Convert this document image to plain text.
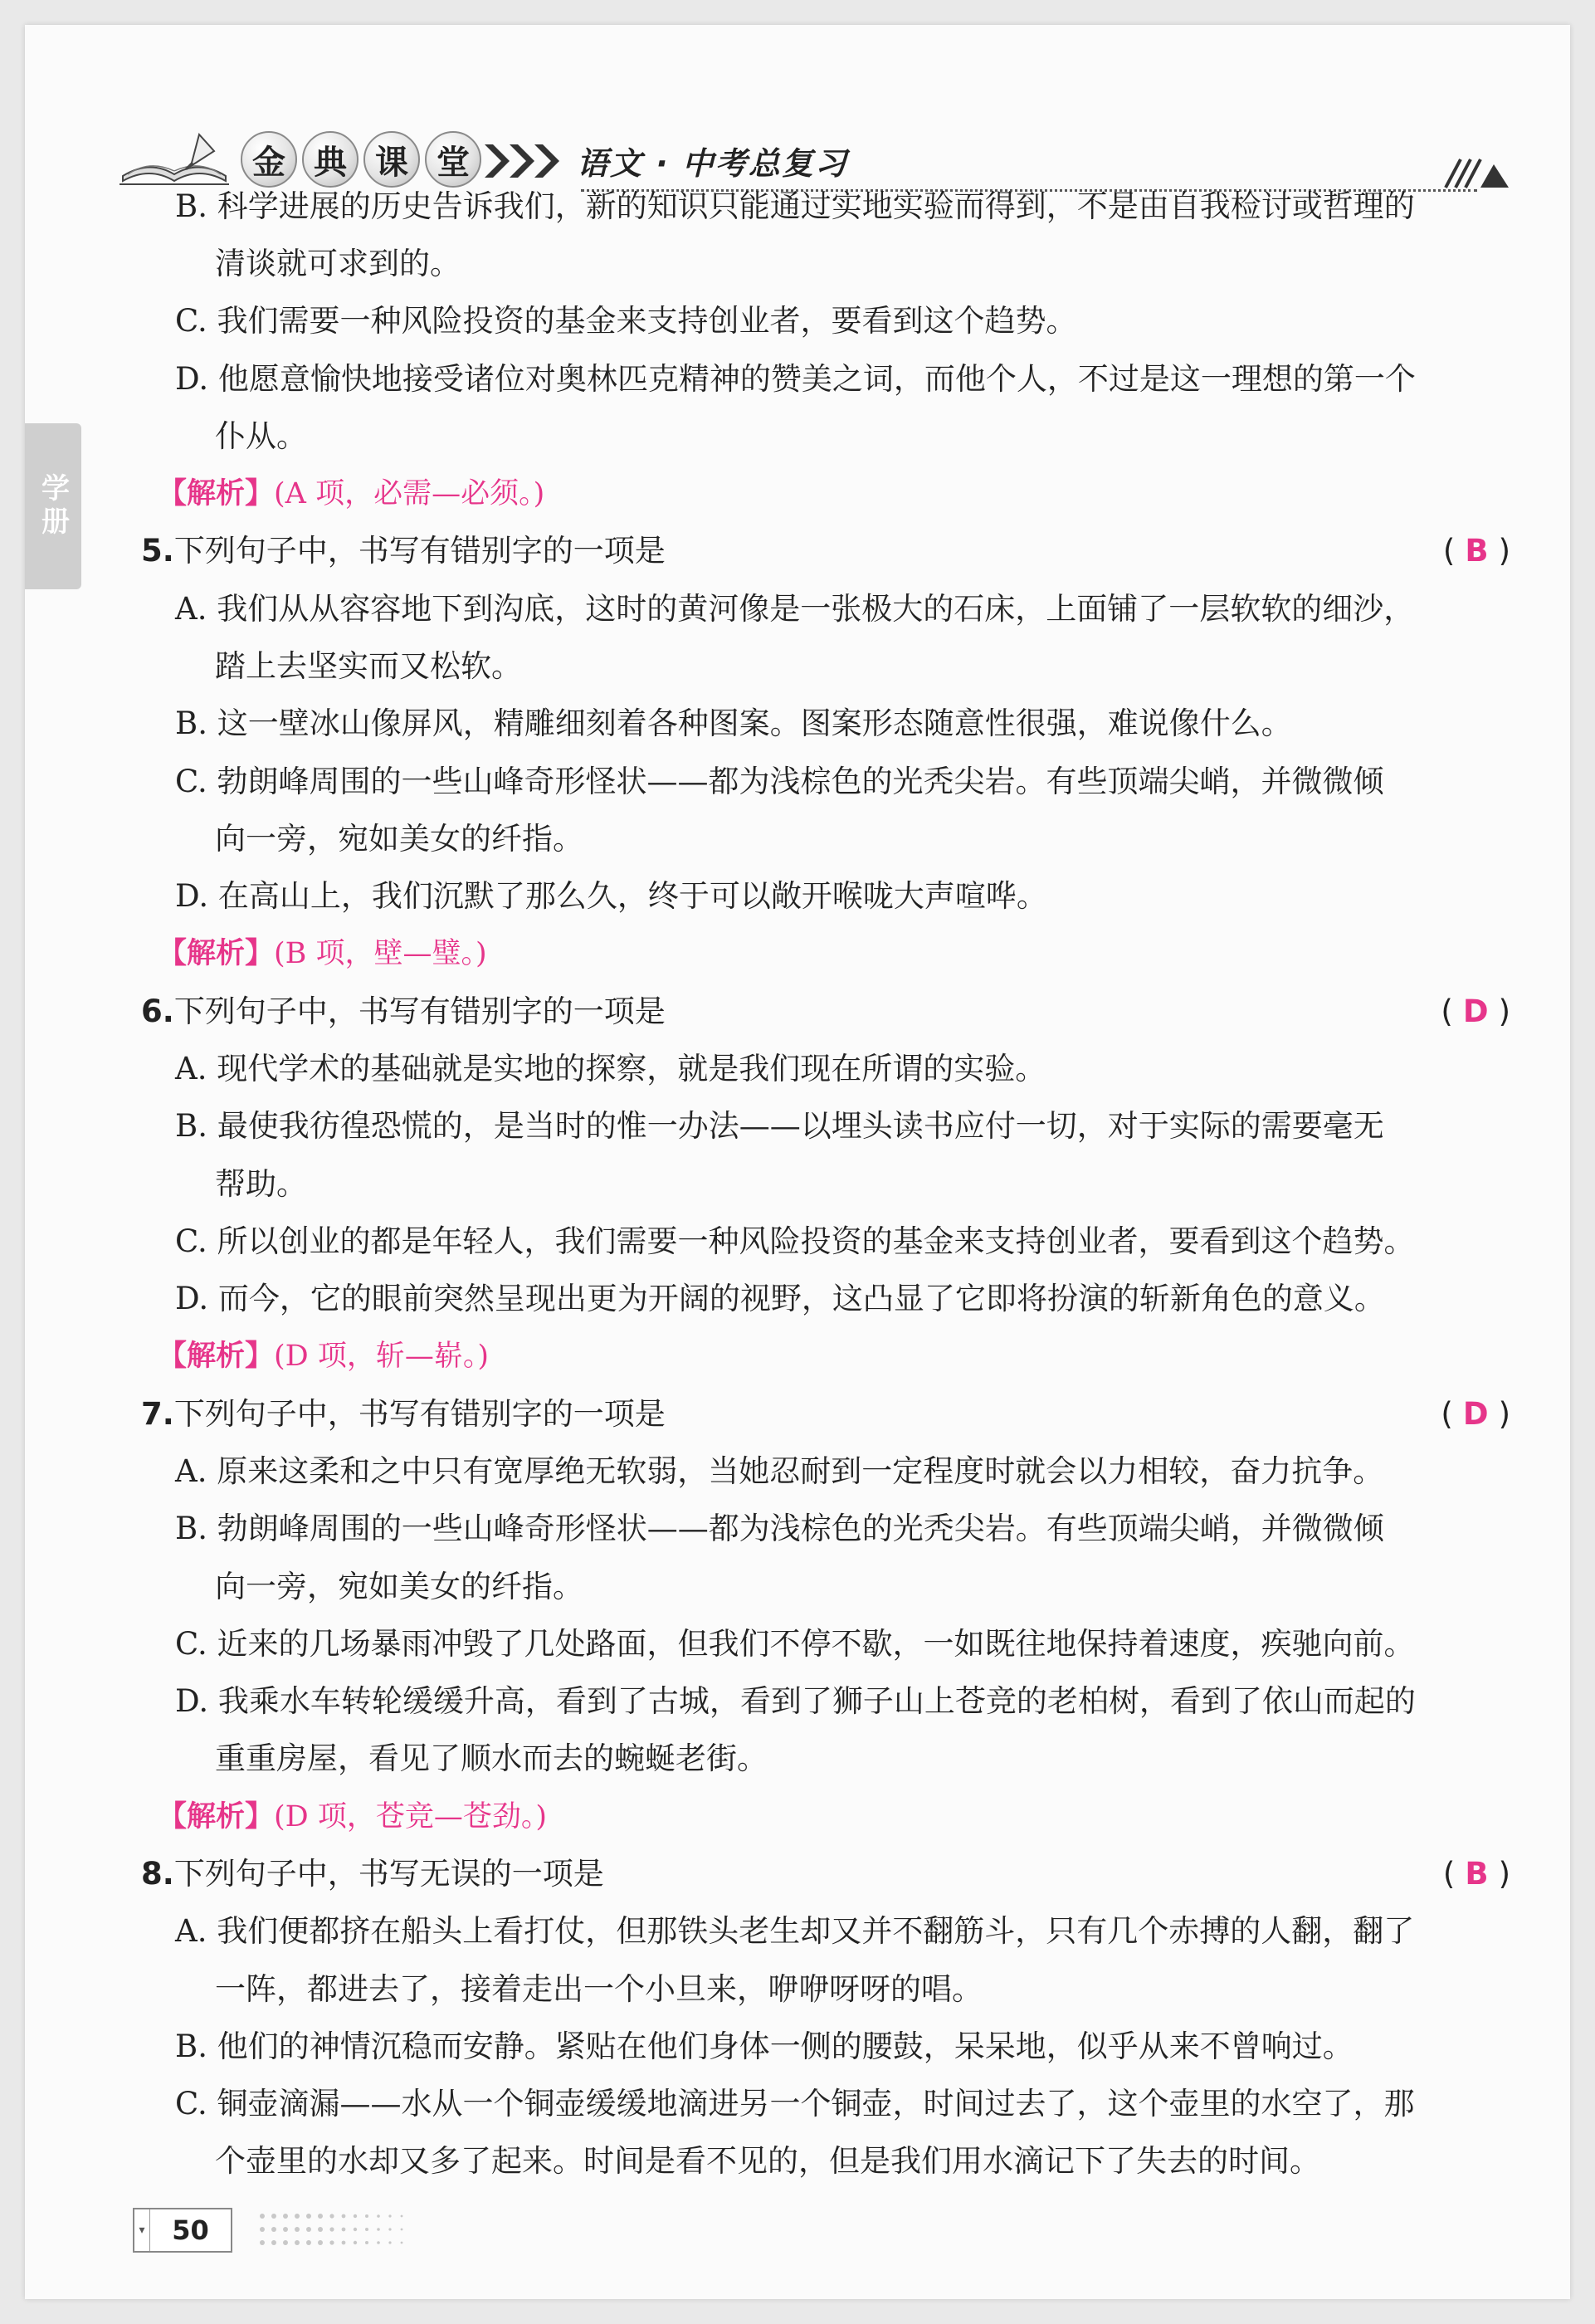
金 典 课 堂	语文 · 中考总复习
学册
B. 科学进展的历史告诉我们，新的知识只能通过实地实验而得到，不是由自我检讨或哲理的
清谈就可求到的。
C. 我们需要一种风险投资的基金来支持创业者，要看到这个趋势。
D. 他愿意愉快地接受诸位对奥林匹克精神的赞美之词，而他个人，不过是这一理想的第一个
仆从。
【解析】(A 项，必需—必须。)
5.下列句子中，书写有错别字的一项是	( B )
A. 我们从从容容地下到沟底，这时的黄河像是一张极大的石床，上面铺了一层软软的细沙，
踏上去坚实而又松软。
B. 这一壁冰山像屏风，精雕细刻着各种图案。图案形态随意性很强，难说像什么。
C. 勃朗峰周围的一些山峰奇形怪状——都为浅棕色的光秃尖岩。有些顶端尖峭，并微微倾
向一旁，宛如美女的纤指。
D. 在高山上，我们沉默了那么久，终于可以敞开喉咙大声喧哗。
【解析】(B 项，壁—璧。)
6.下列句子中，书写有错别字的一项是	( D )
A. 现代学术的基础就是实地的探察，就是我们现在所谓的实验。
B. 最使我彷徨恐慌的，是当时的惟一办法——以埋头读书应付一切，对于实际的需要毫无
帮助。
C. 所以创业的都是年轻人，我们需要一种风险投资的基金来支持创业者，要看到这个趋势。
D. 而今，它的眼前突然呈现出更为开阔的视野，这凸显了它即将扮演的斩新角色的意义。
【解析】(D 项，斩—崭。)
7.下列句子中，书写有错别字的一项是	( D )
A. 原来这柔和之中只有宽厚绝无软弱，当她忍耐到一定程度时就会以力相较，奋力抗争。
B. 勃朗峰周围的一些山峰奇形怪状——都为浅棕色的光秃尖岩。有些顶端尖峭，并微微倾
向一旁，宛如美女的纤指。
C. 近来的几场暴雨冲毁了几处路面，但我们不停不歇，一如既往地保持着速度，疾驰向前。
D. 我乘水车转轮缓缓升高，看到了古城，看到了狮子山上苍竞的老柏树，看到了依山而起的
重重房屋，看见了顺水而去的蜿蜒老街。
【解析】(D 项，苍竞—苍劲。)
8.下列句子中，书写无误的一项是	( B )
A. 我们便都挤在船头上看打仗，但那铁头老生却又并不翻筋斗，只有几个赤搏的人翻，翻了
一阵，都进去了，接着走出一个小旦来，咿咿呀呀的唱。
B. 他们的神情沉稳而安静。紧贴在他们身体一侧的腰鼓，呆呆地，似乎从来不曾响过。
C. 铜壶滴漏——水从一个铜壶缓缓地滴进另一个铜壶，时间过去了，这个壶里的水空了，那
个壶里的水却又多了起来。时间是看不见的，但是我们用水滴记下了失去的时间。
▾	50
